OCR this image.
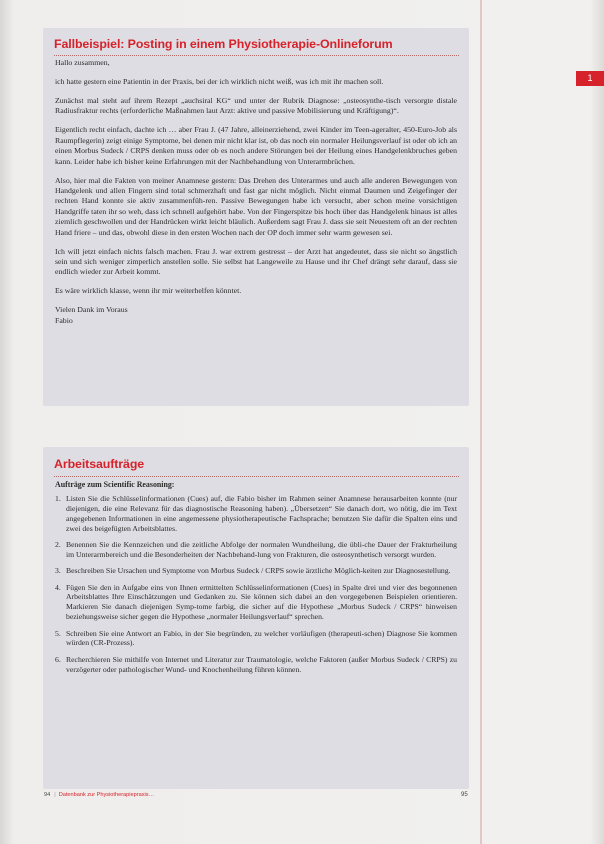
1
Fallbeispiel: Posting in einem Physiotherapie-Onlineforum

Hallo zusammen,

ich hatte gestern eine Patientin in der Praxis, bei der ich wirklich nicht weiß, was ich mit ihr machen soll.

Zunächst mal steht auf ihrem Rezept „auchsiral KG“ und unter der Rubrik Diagnose: „osteosynthe-tisch versorgte distale Radiusfraktur rechts (erforderliche Maßnahmen laut Arzt: aktive und passive Mobilisierung und Kräftigung)“.

Eigentlich recht einfach, dachte ich … aber Frau J. (47 Jahre, alleinerziehend, zwei Kinder im Teen-ageralter, 450-Euro-Job als Raumpflegerin) zeigt einige Symptome, bei denen mir nicht klar ist, ob das noch ein normaler Heilungsverlauf ist oder ob ich an einen Morbus Sudeck / CRPS denken muss oder ob es noch andere Störungen bei der Heilung eines Handgelenkbruches geben kann. Leider habe ich bisher keine Erfahrungen mit der Nachbehandlung von Unterarmbrüchen.

Also, hier mal die Fakten von meiner Anamnese gestern: Das Drehen des Unterarmes und auch alle anderen Bewegungen von Handgelenk und allen Fingern sind total schmerzhaft und fast gar nicht möglich. Nicht einmal Daumen und Zeigefinger der rechten Hand konnte sie aktiv zusammenfüh-ren. Passive Bewegungen habe ich versucht, aber schon meine vorsichtigen Handgriffe taten ihr so weh, dass ich schnell aufgehört habe. Von der Fingerspitze bis hoch über das Handgelenk hinaus ist alles ziemlich geschwollen und der Handrücken wirkt leicht bläulich. Außerdem sagt Frau J. dass sie seit Neuestem oft an der rechten Hand friere – und das, obwohl diese in den ersten Wochen nach der OP doch immer sehr warm gewesen sei.

Ich will jetzt einfach nichts falsch machen. Frau J. war extrem gestresst – der Arzt hat angedeutet, dass sie nicht so ängstlich sein und sich weniger zimperlich anstellen solle. Sie selbst hat Langeweile zu Hause und ihr Chef drängt sehr darauf, dass sie endlich wieder zur Arbeit kommt.

Es wäre wirklich klasse, wenn ihr mir weiterhelfen könntet.

Vielen Dank im Voraus
Fabio

Arbeitsaufträge
Aufträge zum Scientific Reasoning:
1. Listen Sie die Schlüsselinformationen (Cues) auf, die Fabio bisher im Rahmen seiner Anamnese herausarbeiten konnte (nur diejenigen, die eine Relevanz für das diagnostische Reasoning haben). „Übersetzen“ Sie danach dort, wo nötig, die im Text angegebenen Informationen in eine angemessene physiotherapeutische Fachsprache; benutzen Sie dafür die Spalten eins und zwei des beigefügten Arbeitsblattes.
2. Benennen Sie die Kennzeichen und die zeitliche Abfolge der normalen Wundheilung, die übli-che Dauer der Frakturheilung im Unterarmbereich und die Besonderheiten der Nachbehand-lung von Frakturen, die osteosynthetisch versorgt wurden.
3. Beschreiben Sie Ursachen und Symptome von Morbus Sudeck / CRPS sowie ärztliche Möglich-keiten zur Diagnosestellung.
4. Fügen Sie den in Aufgabe eins von Ihnen ermittelten Schlüsselinformationen (Cues) in Spalte drei und vier des begonnenen Arbeitsblattes Ihre Einschätzungen und Gedanken zu. Sie können sich dabei an den vorgegebenen Beispielen orientieren. Markieren Sie danach diejenigen Symp-tome farbig, die sicher auf die Hypothese „Morbus Sudeck / CRPS“ hinweisen beziehungsweise sicher gegen die Hypothese „normaler Heilungsverlauf“ sprechen.
5. Schreiben Sie eine Antwort an Fabio, in der Sie begründen, zu welcher vorläufigen (therapeuti-schen) Diagnose Sie kommen würden (CR-Prozess).
6. Recherchieren Sie mithilfe von Internet und Literatur zur Traumatologie, welche Faktoren (außer Morbus Sudeck / CRPS) zu verzögerter oder pathologischer Wund- und Knochenheilung führen können.
94 | Datenbank zur Physiotherapiepraxis…	95
